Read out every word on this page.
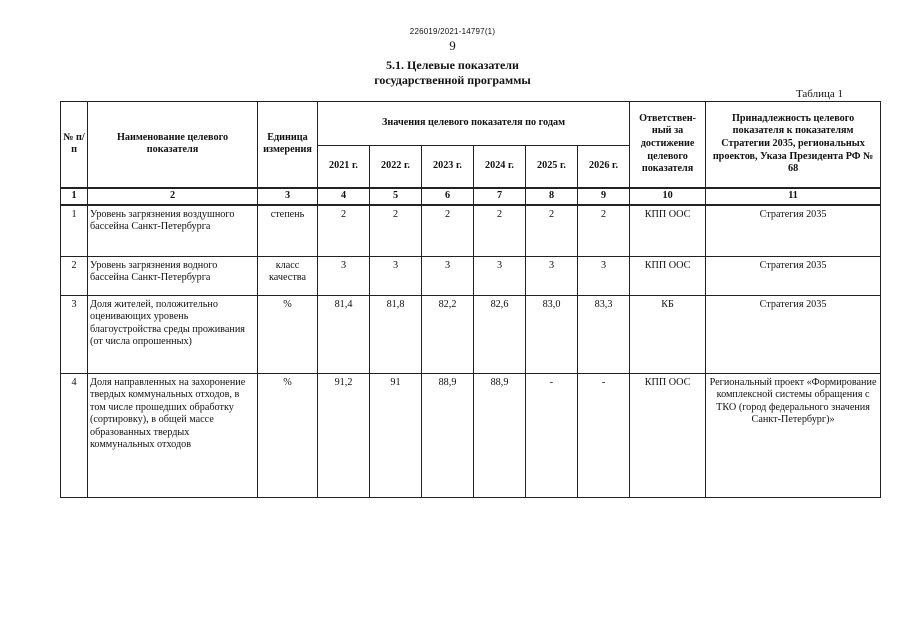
226019/2021-14797(1)
9
5.1. Целевые показатели
государственной программы
Таблица 1
№ п/п	Наименование целевого показателя	Единица измерения	Значения целевого показателя по годам						Ответствен-ный за достижение целевого показателя	Принадлежность целевого показателя к показателям Стратегии 2035, региональных проектов, Указа Президента РФ № 68
			2021 г.	2022 г.	2023 г.	2024 г.	2025 г.	2026 г.		
1	2	3	4	5	6	7	8	9	10	11
1	Уровень загрязнения воздушного бассейна Санкт-Петербурга	степень	2	2	2	2	2	2	КПП ООС	Стратегия 2035
2	Уровень загрязнения водного бассейна Санкт-Петербурга	класс качества	3	3	3	3	3	3	КПП ООС	Стратегия 2035
3	Доля жителей, положительно оценивающих уровень благоустройства среды проживания (от числа опрошенных)	%	81,4	81,8	82,2	82,6	83,0	83,3	КБ	Стратегия 2035
4	Доля направленных на захоронение твердых коммунальных отходов, в том числе прошедших обработку (сортировку), в общей массе образованных твердых коммунальных отходов	%	91,2	91	88,9	88,9	-	-	КПП ООС	Региональный проект «Формирование комплексной системы обращения с ТКО (город федерального значения Санкт-Петербург)»
